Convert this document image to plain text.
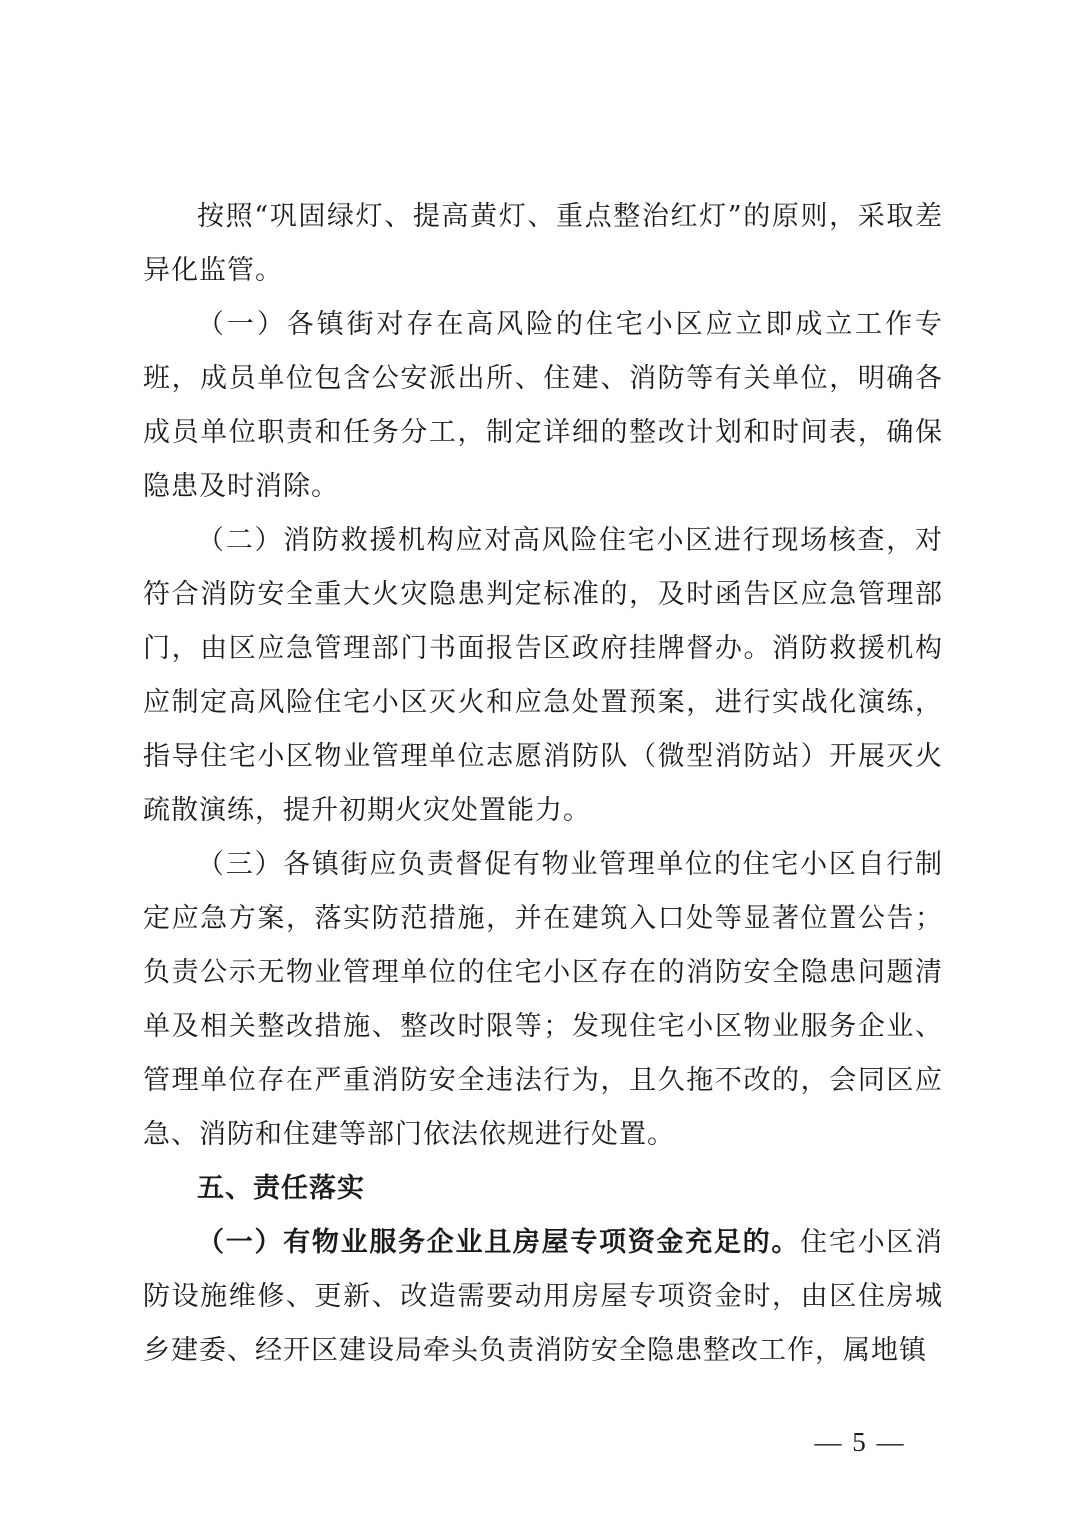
按照“巩固绿灯、提高黄灯、重点整治红灯”的原则，采取差异化监管。

（一）各镇街对存在高风险的住宅小区应立即成立工作专班，成员单位包含公安派出所、住建、消防等有关单位，明确各成员单位职责和任务分工，制定详细的整改计划和时间表，确保隐患及时消除。

（二）消防救援机构应对高风险住宅小区进行现场核查，对符合消防安全重大火灾隐患判定标准的，及时函告区应急管理部门，由区应急管理部门书面报告区政府挂牌督办。消防救援机构应制定高风险住宅小区灭火和应急处置预案，进行实战化演练，指导住宅小区物业管理单位志愿消防队（微型消防站）开展灭火疏散演练，提升初期火灾处置能力。

（三）各镇街应负责督促有物业管理单位的住宅小区自行制定应急方案，落实防范措施，并在建筑入口处等显著位置公告；负责公示无物业管理单位的住宅小区存在的消防安全隐患问题清单及相关整改措施、整改时限等；发现住宅小区物业服务企业、管理单位存在严重消防安全违法行为，且久拖不改的，会同区应急、消防和住建等部门依法依规进行处置。

五、责任落实

（一）有物业服务企业且房屋专项资金充足的。住宅小区消防设施维修、更新、改造需要动用房屋专项资金时，由区住房城乡建委、经开区建设局牵头负责消防安全隐患整改工作，属地镇

— 5 —
